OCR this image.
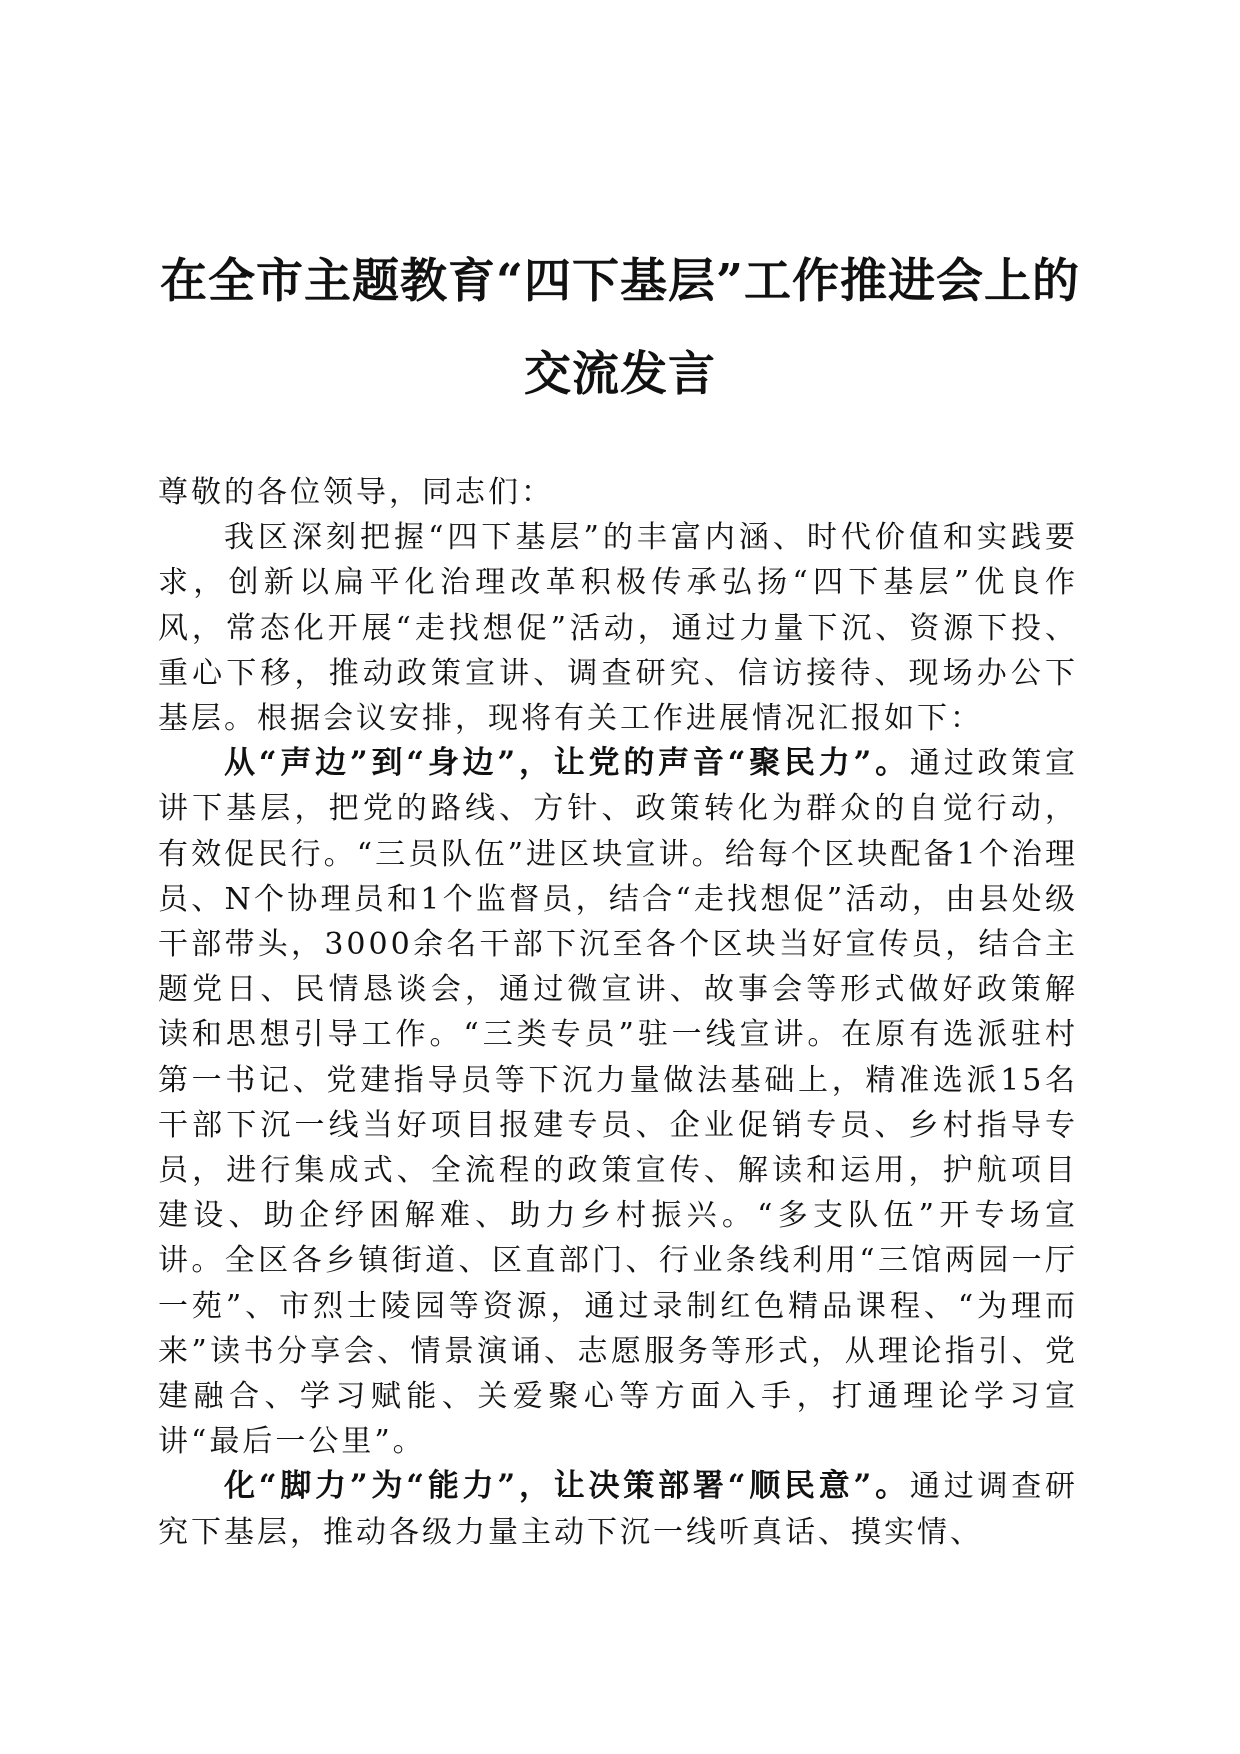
在全市主题教育“四下基层”工作推进会上的
交流发言

尊敬的各位领导，同志们：

我区深刻把握“四下基层”的丰富内涵、时代价值和实践要求，创新以扁平化治理改革积极传承弘扬“四下基层”优良作风，常态化开展“走找想促”活动，通过力量下沉、资源下投、重心下移，推动政策宣讲、调查研究、信访接待、现场办公下基层。根据会议安排，现将有关工作进展情况汇报如下：

从“声边”到“身边”，让党的声音“聚民力”。通过政策宣讲下基层，把党的路线、方针、政策转化为群众的自觉行动，有效促民行。“三员队伍”进区块宣讲。给每个区块配备1个治理员、N个协理员和1个监督员，结合“走找想促”活动，由县处级干部带头，3000余名干部下沉至各个区块当好宣传员，结合主题党日、民情恳谈会，通过微宣讲、故事会等形式做好政策解读和思想引导工作。“三类专员”驻一线宣讲。在原有选派驻村第一书记、党建指导员等下沉力量做法基础上，精准选派15名干部下沉一线当好项目报建专员、企业促销专员、乡村指导专员，进行集成式、全流程的政策宣传、解读和运用，护航项目建设、助企纾困解难、助力乡村振兴。“多支队伍”开专场宣讲。全区各乡镇街道、区直部门、行业条线利用“三馆两园一厅一苑”、市烈士陵园等资源，通过录制红色精品课程、“为理而来”读书分享会、情景演诵、志愿服务等形式，从理论指引、党建融合、学习赋能、关爱聚心等方面入手，打通理论学习宣讲“最后一公里”。

化“脚力”为“能力”，让决策部署“顺民意”。通过调查研究下基层，推动各级力量主动下沉一线听真话、摸实情、
